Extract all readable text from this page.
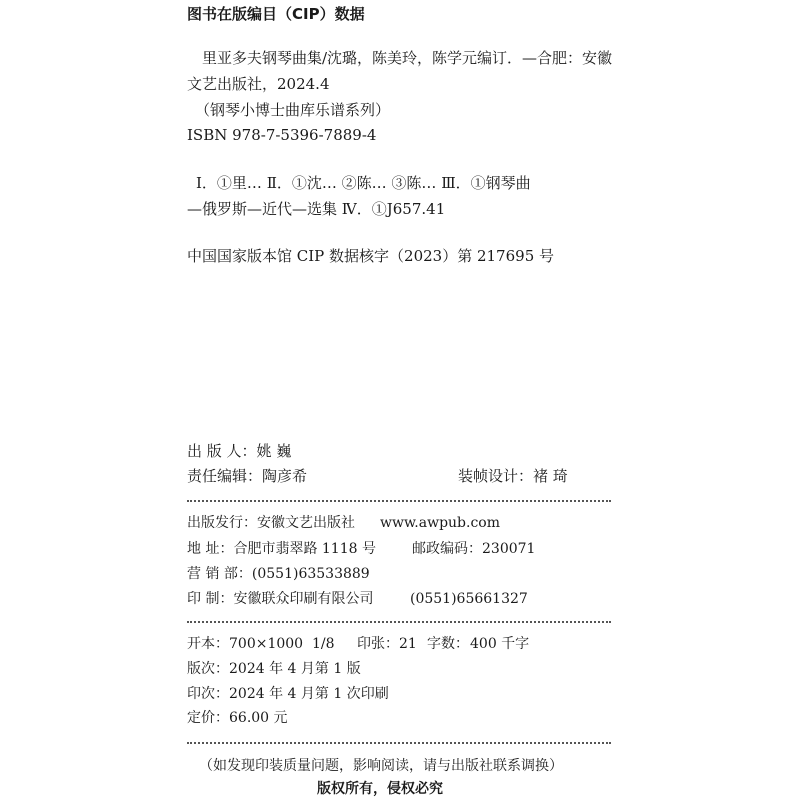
图书在版编目（CIP）数据
里亚多夫钢琴曲集/沈璐，陈美玲，陈学元编订．—合肥：安徽
文艺出版社，2024.4
（钢琴小博士曲库乐谱系列）
ISBN 978-7-5396-7889-4
Ⅰ．①里… Ⅱ．①沈… ②陈… ③陈… Ⅲ．①钢琴曲
—俄罗斯—近代—选集 Ⅳ．①J657.41
中国国家版本馆 CIP 数据核字（2023）第 217695 号
出 版 人：姚 巍
责任编辑：陶彦希	装帧设计：褚 琦
出版发行：安徽文艺出版社 www.awpub.com
地 址：合肥市翡翠路 1118 号	邮政编码：230071
营 销 部：(0551)63533889
印 制：安徽联众印刷有限公司	(0551)65661327
开本： 700×1000 1/8 印张： 21 字数： 400 千字
版次：2024 年 4 月第 1 版
印次：2024 年 4 月第 1 次印刷
定价：66.00 元
（如发现印装质量问题，影响阅读，请与出版社联系调换）
版权所有，侵权必究
